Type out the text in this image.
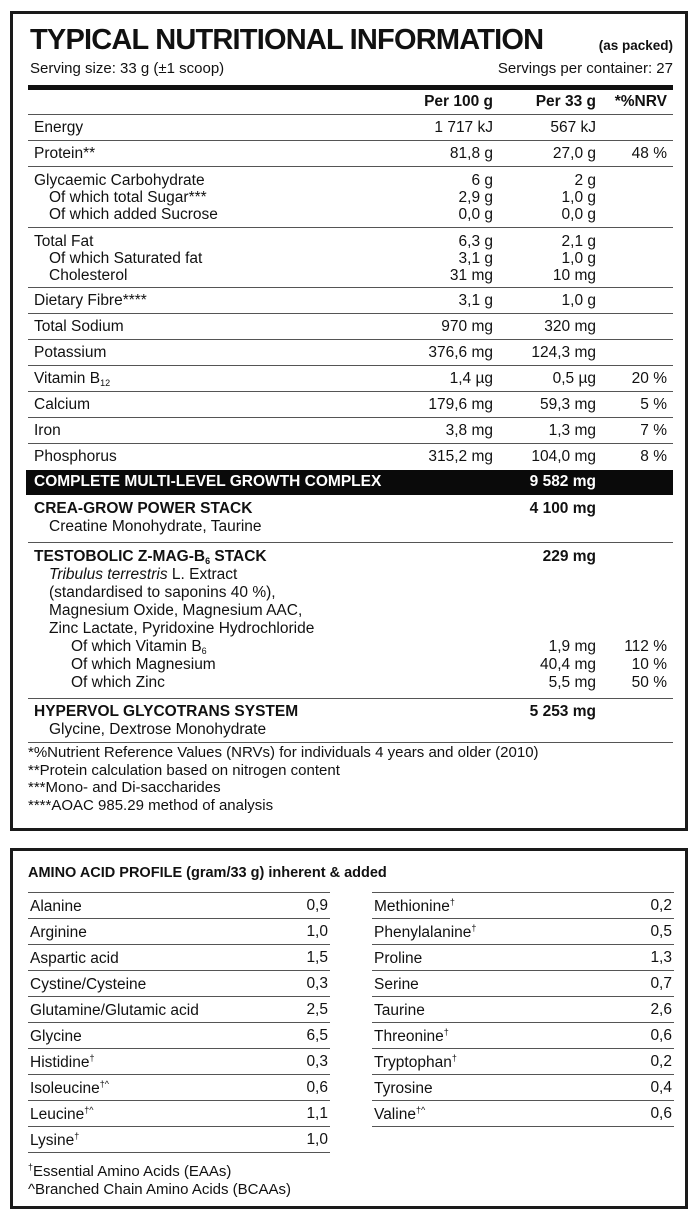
TYPICAL NUTRITIONAL INFORMATION	(as packed)
Serving size: 33 g (±1 scoop)	Servings per container: 27
Per 100 g	Per 33 g *%NRV
Energy	1 717 kJ	567 kJ
Protein**	81,8 g	27,0 g 48 %
Glycaemic Carbohydrate	6 g	2 g
Of which total Sugar***	2,9 g	1,0 g
Of which added Sucrose	0,0 g	0,0 g
Total Fat	6,3 g	2,1 g
Of which Saturated fat	3,1 g	1,0 g
Cholesterol	31 mg	10 mg
Dietary Fibre****	3,1 g	1,0 g
Total Sodium	970 mg	320 mg
Potassium	376,6 mg 124,3 mg
Vitamin B12	1,4 µg	0,5 µg 20 %
Calcium	179,6 mg	59,3 mg	5 %
Iron	3,8 mg	1,3 mg	7 %
Phosphorus	315,2 mg 104,0 mg	8 %
COMPLETE MULTI-LEVEL GROWTH COMPLEX	9 582 mg
CREA-GROW POWER STACK	4 100 mg
Creatine Monohydrate, Taurine
TESTOBOLIC Z-MAG-B6 STACK	229 mg
Tribulus terrestris L. Extract
(standardised to saponins 40 %),
Magnesium Oxide, Magnesium AAC,
Zinc Lactate, Pyridoxine Hydrochloride
Of which Vitamin B6	1,9 mg 112 %
Of which Magnesium	40,4 mg 10 %
Of which Zinc	5,5 mg 50 %
HYPERVOL GLYCOTRANS SYSTEM	5 253 mg
Glycine, Dextrose Monohydrate
*%Nutrient Reference Values (NRVs) for individuals 4 years and older (2010)
**Protein calculation based on nitrogen content
***Mono- and Di-saccharides
****AOAC 985.29 method of analysis
AMINO ACID PROFILE (gram/33 g) inherent & added
Alanine	0,9
Arginine	1,0
Aspartic acid	1,5
Cystine/Cysteine	0,3
Glutamine/Glutamic acid	2,5
Glycine	6,5
Histidine†	0,3
Isoleucine†^	0,6
Leucine†^	1,1
Lysine†	1,0
Methionine†	0,2
Phenylalanine†	0,5
Proline	1,3
Serine	0,7
Taurine	2,6
Threonine†	0,6
Tryptophan†	0,2
Tyrosine	0,4
Valine†^	0,6
†Essential Amino Acids (EAAs)
^Branched Chain Amino Acids (BCAAs)
